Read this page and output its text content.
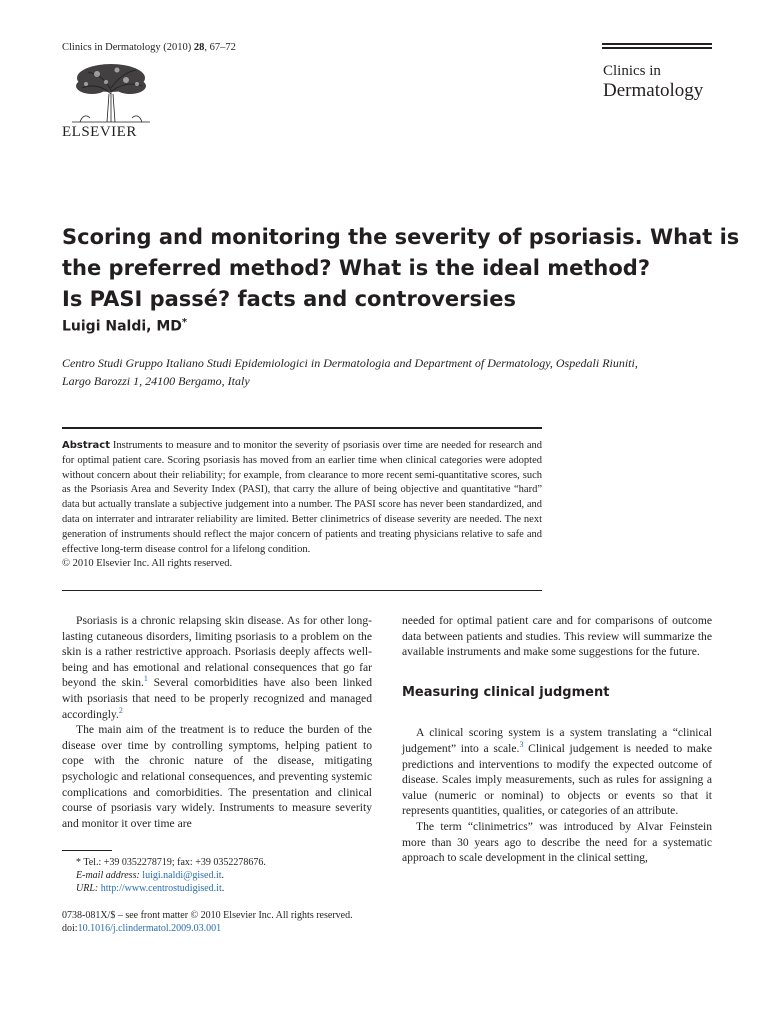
Clinics in Dermatology (2010) 28, 67–72
ELSEVIER
Clinics in
Dermatology
Scoring and monitoring the severity of psoriasis. What is
the preferred method? What is the ideal method?
Is PASI passé? facts and controversies
Luigi Naldi, MD*
Centro Studi Gruppo Italiano Studi Epidemiologici in Dermatologia and Department of Dermatology, Ospedali Riuniti,
Largo Barozzi 1, 24100 Bergamo, Italy
Abstract Instruments to measure and to monitor the severity of psoriasis over time are needed for research and for optimal patient care. Scoring psoriasis has moved from an earlier time when clinical categories were adopted without concern about their reliability; for example, from clearance to more recent semi-quantitative scores, such as the Psoriasis Area and Severity Index (PASI), that carry the allure of being objective and quantitative “hard” data but actually translate a subjective judgement into a number. The PASI score has never been standardized, and data on interrater and intrarater reliability are limited. Better clinimetrics of disease severity are needed. The next generation of instruments should reflect the major concern of patients and treating physicians relative to safe and effective long-term disease control for a lifelong condition.
© 2010 Elsevier Inc. All rights reserved.

Psoriasis is a chronic relapsing skin disease. As for other long-lasting cutaneous disorders, limiting psoriasis to a problem on the skin is a rather restrictive approach. Psoriasis deeply affects well-being and has emotional and relational consequences that go far beyond the skin.$^1$ Several comorbidities have also been linked with psoriasis that need to be properly recognized and managed accordingly.$^2$

The main aim of the treatment is to reduce the burden of the disease over time by controlling symptoms, helping patient to cope with the chronic nature of the disease, mitigating psychologic and relational consequences, and preventing systemic complications and comorbidities. The presentation and clinical course of psoriasis vary widely. Instruments to measure severity and monitor it over time are

needed for optimal patient care and for comparisons of outcome data between patients and studies. This review will summarize the available instruments and make some suggestions for the future.

Measuring clinical judgment

A clinical scoring system is a system translating a “clinical judgement” into a scale.$^3$ Clinical judgement is needed to make predictions and interventions to modify the expected outcome of disease. Scales imply measurements, such as rules for assigning a value (numeric or nominal) to objects or events so that it represents quantities, qualities, or categories of an attribute.

The term “clinimetrics” was introduced by Alvar Feinstein more than 30 years ago to describe the need for a systematic approach to scale development in the clinical setting,

* Tel.: +39 0352278719; fax: +39 0352278676.
E-mail address: luigi.naldi@gised.it.
URL: http://www.centrostudigised.it.
0738-081X/$ – see front matter © 2010 Elsevier Inc. All rights reserved.
doi:10.1016/j.clindermatol.2009.03.001
